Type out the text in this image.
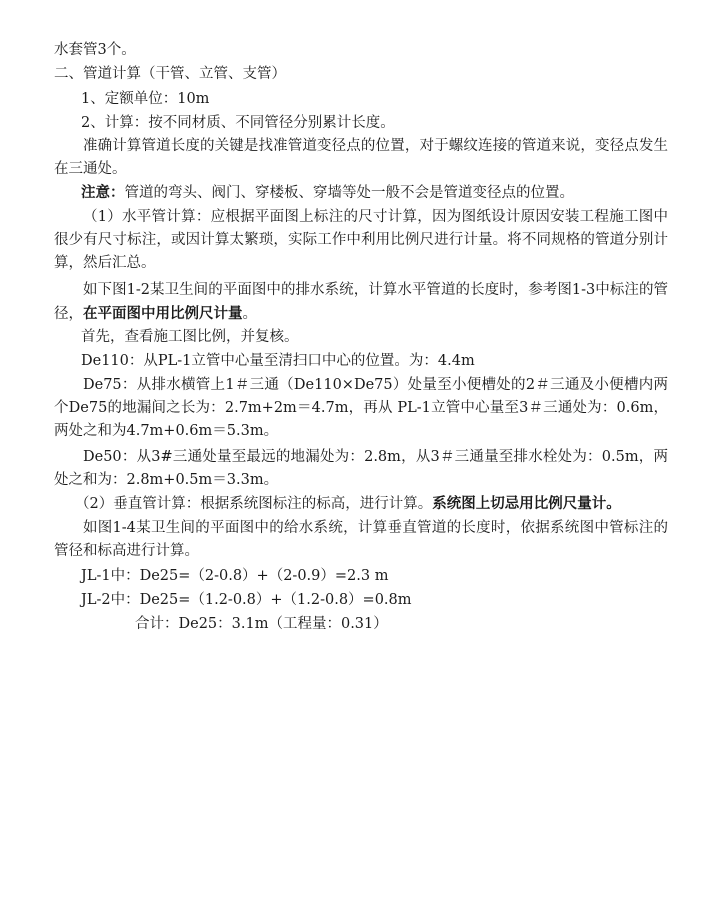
水套管3个。
二、管道计算（干管、立管、支管）
1、定额单位：10m
2、计算：按不同材质、不同管径分别累计长度。
准确计算管道长度的关键是找准管道变径点的位置，对于螺纹连接的管道来说，变径点发生在三通处。
注意：管道的弯头、阀门、穿楼板、穿墙等处一般不会是管道变径点的位置。
（1）水平管计算：应根据平面图上标注的尺寸计算，因为图纸设计原因安装工程施工图中很少有尺寸标注，或因计算太繁琐，实际工作中利用比例尺进行计量。将不同规格的管道分别计算，然后汇总。
如下图1-2某卫生间的平面图中的排水系统，计算水平管道的长度时，参考图1-3中标注的管径，在平面图中用比例尺计量。
首先，查看施工图比例，并复核。
De110：从PL-1立管中心量至清扫口中心的位置。为：4.4m
De75：从排水横管上1＃三通（De110×De75）处量至小便槽处的2＃三通及小便槽内两个De75的地漏间之长为：2.7m+2m＝4.7m，再从 PL-1立管中心量至3＃三通处为：0.6m，两处之和为4.7m+0.6m＝5.3m。
De50：从3#三通处量至最远的地漏处为：2.8m，从3＃三通量至排水栓处为：0.5m，两处之和为：2.8m+0.5m＝3.3m。
（2）垂直管计算：根据系统图标注的标高，进行计算。系统图上切忌用比例尺量计。
如图1-4某卫生间的平面图中的给水系统，计算垂直管道的长度时，依据系统图中管标注的管径和标高进行计算。
JL-1中：De25=（2-0.8）+（2-0.9）=2.3 m
JL-2中：De25=（1.2-0.8）+（1.2-0.8）=0.8m
合计：De25：3.1m（工程量：0.31）
